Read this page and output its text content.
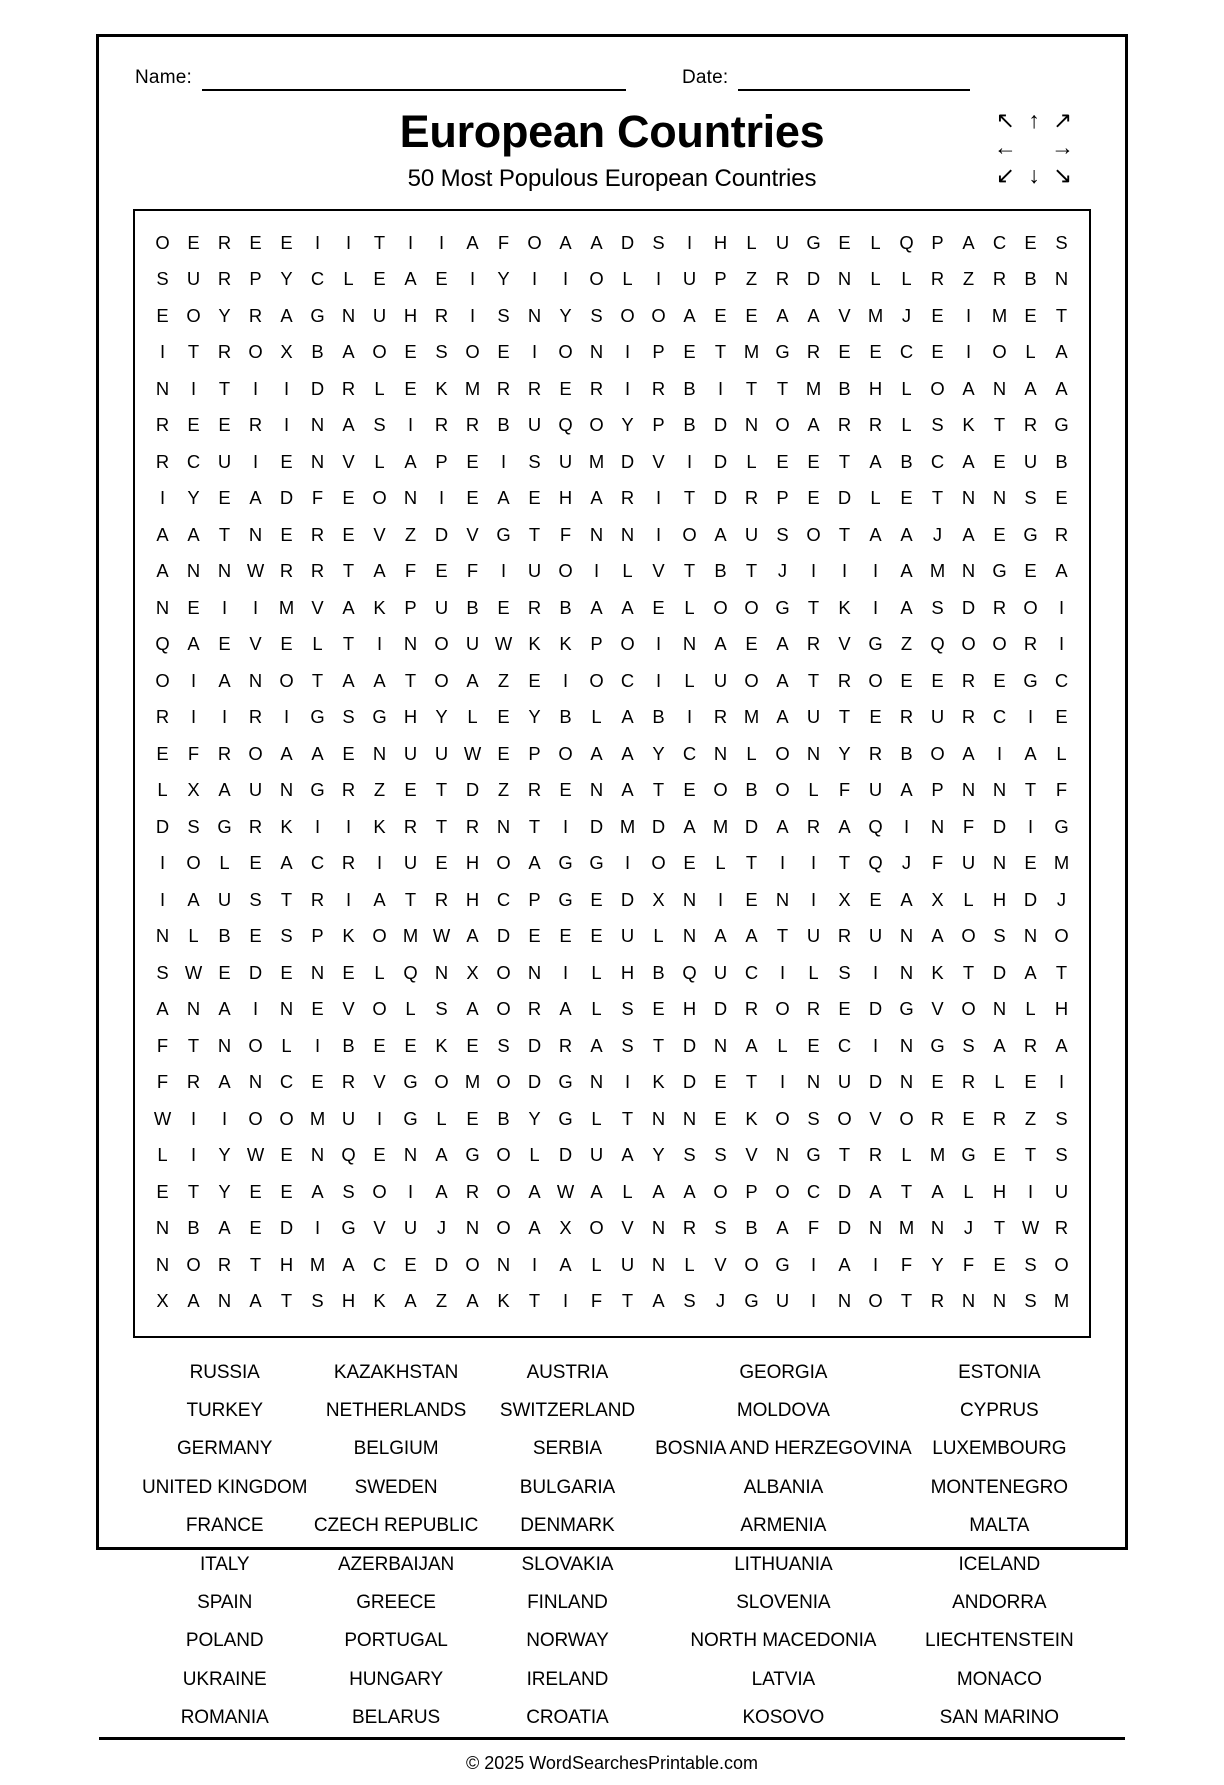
Name:	Date:
European Countries
50 Most Populous European Countries
↖ ↑ ↗
← →
↙ ↓ ↘
O	E	R	E	E	I	I	T	I	I	A	F	O	A	A	D	S	I	H	L	U	G	E	L	Q	P	A	C	E	S
S	U	R	P	Y	C	L	E	A	E	I	Y	I	I	O	L	I	U	P	Z	R	D	N	L	L	R	Z	R	B	N
E	O	Y	R	A	G	N	U	H	R	I	S	N	Y	S	O	O	A	E	E	A	A	V	M	J	E	I	M	E	T
I	T	R	O	X	B	A	O	E	S	O	E	I	O	N	I	P	E	T	M	G	R	E	E	C	E	I	O	L	A
N	I	T	I	I	D	R	L	E	K	M	R	R	E	R	I	R	B	I	T	T	M	B	H	L	O	A	N	A	A
R	E	E	R	I	N	A	S	I	R	R	B	U	Q	O	Y	P	B	D	N	O	A	R	R	L	S	K	T	R	G
R	C	U	I	E	N	V	L	A	P	E	I	S	U	M	D	V	I	D	L	E	E	T	A	B	C	A	E	U	B
I	Y	E	A	D	F	E	O	N	I	E	A	E	H	A	R	I	T	D	R	P	E	D	L	E	T	N	N	S	E
A	A	T	N	E	R	E	V	Z	D	V	G	T	F	N	N	I	O	A	U	S	O	T	A	A	J	A	E	G	R
A	N	N	W	R	R	T	A	F	E	F	I	U	O	I	L	V	T	B	T	J	I	I	I	A	M	N	G	E	A
N	E	I	I	M	V	A	K	P	U	B	E	R	B	A	A	E	L	O	O	G	T	K	I	A	S	D	R	O	I
Q	A	E	V	E	L	T	I	N	O	U	W	K	K	P	O	I	N	A	E	A	R	V	G	Z	Q	O	O	R	I
O	I	A	N	O	T	A	A	T	O	A	Z	E	I	O	C	I	L	U	O	A	T	R	O	E	E	R	E	G	C
R	I	I	R	I	G	S	G	H	Y	L	E	Y	B	L	A	B	I	R	M	A	U	T	E	R	U	R	C	I	E
E	F	R	O	A	A	E	N	U	U	W	E	P	O	A	A	Y	C	N	L	O	N	Y	R	B	O	A	I	A	L
L	X	A	U	N	G	R	Z	E	T	D	Z	R	E	N	A	T	E	O	B	O	L	F	U	A	P	N	N	T	F
D	S	G	R	K	I	I	K	R	T	R	N	T	I	D	M	D	A	M	D	A	R	A	Q	I	N	F	D	I	G
I	O	L	E	A	C	R	I	U	E	H	O	A	G	G	I	O	E	L	T	I	I	T	Q	J	F	U	N	E	M
I	A	U	S	T	R	I	A	T	R	H	C	P	G	E	D	X	N	I	E	N	I	X	E	A	X	L	H	D	J
N	L	B	E	S	P	K	O	M	W	A	D	E	E	E	U	L	N	A	A	T	U	R	U	N	A	O	S	N	O
S	W	E	D	E	N	E	L	Q	N	X	O	N	I	L	H	B	Q	U	C	I	L	S	I	N	K	T	D	A	T
A	N	A	I	N	E	V	O	L	S	A	O	R	A	L	S	E	H	D	R	O	R	E	D	G	V	O	N	L	H
F	T	N	O	L	I	B	E	E	K	E	S	D	R	A	S	T	D	N	A	L	E	C	I	N	G	S	A	R	A
F	R	A	N	C	E	R	V	G	O	M	O	D	G	N	I	K	D	E	T	I	N	U	D	N	E	R	L	E	I
W	I	I	O	O	M	U	I	G	L	E	B	Y	G	L	T	N	N	E	K	O	S	O	V	O	R	E	R	Z	S
L	I	Y	W	E	N	Q	E	N	A	G	O	L	D	U	A	Y	S	S	V	N	G	T	R	L	M	G	E	T	S
E	T	Y	E	E	A	S	O	I	A	R	O	A	W	A	L	A	A	O	P	O	C	D	A	T	A	L	H	I	U
N	B	A	E	D	I	G	V	U	J	N	O	A	X	O	V	N	R	S	B	A	F	D	N	M	N	J	T	W	R
N	O	R	T	H	M	A	C	E	D	O	N	I	A	L	U	N	L	V	O	G	I	A	I	F	Y	F	E	S	O
X	A	N	A	T	S	H	K	A	Z	A	K	T	I	F	T	A	S	J	G	U	I	N	O	T	R	N	N	S	M
RUSSIA	KAZAKHSTAN	AUSTRIA	GEORGIA	ESTONIA
TURKEY	NETHERLANDS	SWITZERLAND	MOLDOVA	CYPRUS
GERMANY	BELGIUM	SERBIA	BOSNIA AND HERZEGOVINA	LUXEMBOURG
UNITED KINGDOM	SWEDEN	BULGARIA	ALBANIA	MONTENEGRO
FRANCE	CZECH REPUBLIC	DENMARK	ARMENIA	MALTA
ITALY	AZERBAIJAN	SLOVAKIA	LITHUANIA	ICELAND
SPAIN	GREECE	FINLAND	SLOVENIA	ANDORRA
POLAND	PORTUGAL	NORWAY	NORTH MACEDONIA	LIECHTENSTEIN
UKRAINE	HUNGARY	IRELAND	LATVIA	MONACO
ROMANIA	BELARUS	CROATIA	KOSOVO	SAN MARINO
© 2025 WordSearchesPrintable.com
